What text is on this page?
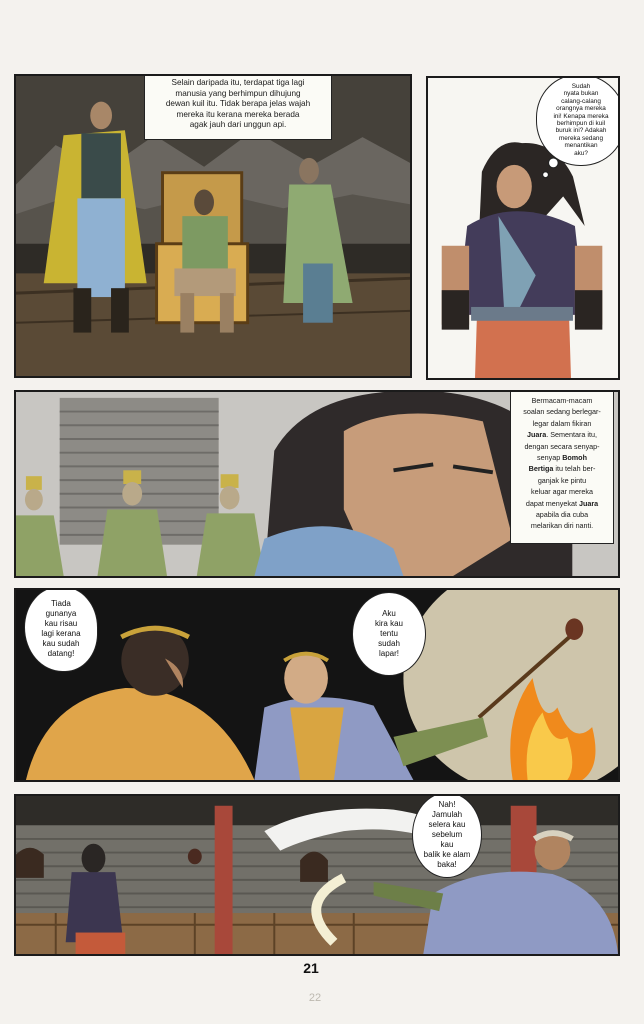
Selain daripada itu, terdapat tiga lagi
manusia yang berhimpun dihujung
dewan kuil itu. Tidak berapa jelas wajah
mereka itu kerana mereka berada
agak jauh dari unggun api.
Sudah
nyata bukan
calang-calang
orangnya mereka
ini! Kenapa mereka
berhimpun di kuil
buruk ini? Adakah
mereka sedang
menantikan
aku?
Bermacam-macam
soalan sedang berlegar-
legar dalam fikiran
Juara. Sementara itu,
dengan secara senyap-
senyap Bomoh
Bertiga itu telah ber-
ganjak ke pintu
keluar agar mereka
dapat menyekat Juara
apabila dia cuba
melarikan diri nanti.
Tiada
gunanya
kau risau
lagi kerana
kau sudah
datang!
Aku
kira kau
tentu
sudah
lapar!
Nah!
Jamulah
selera kau
sebelum
kau
balik ke alam
baka!
21
22
